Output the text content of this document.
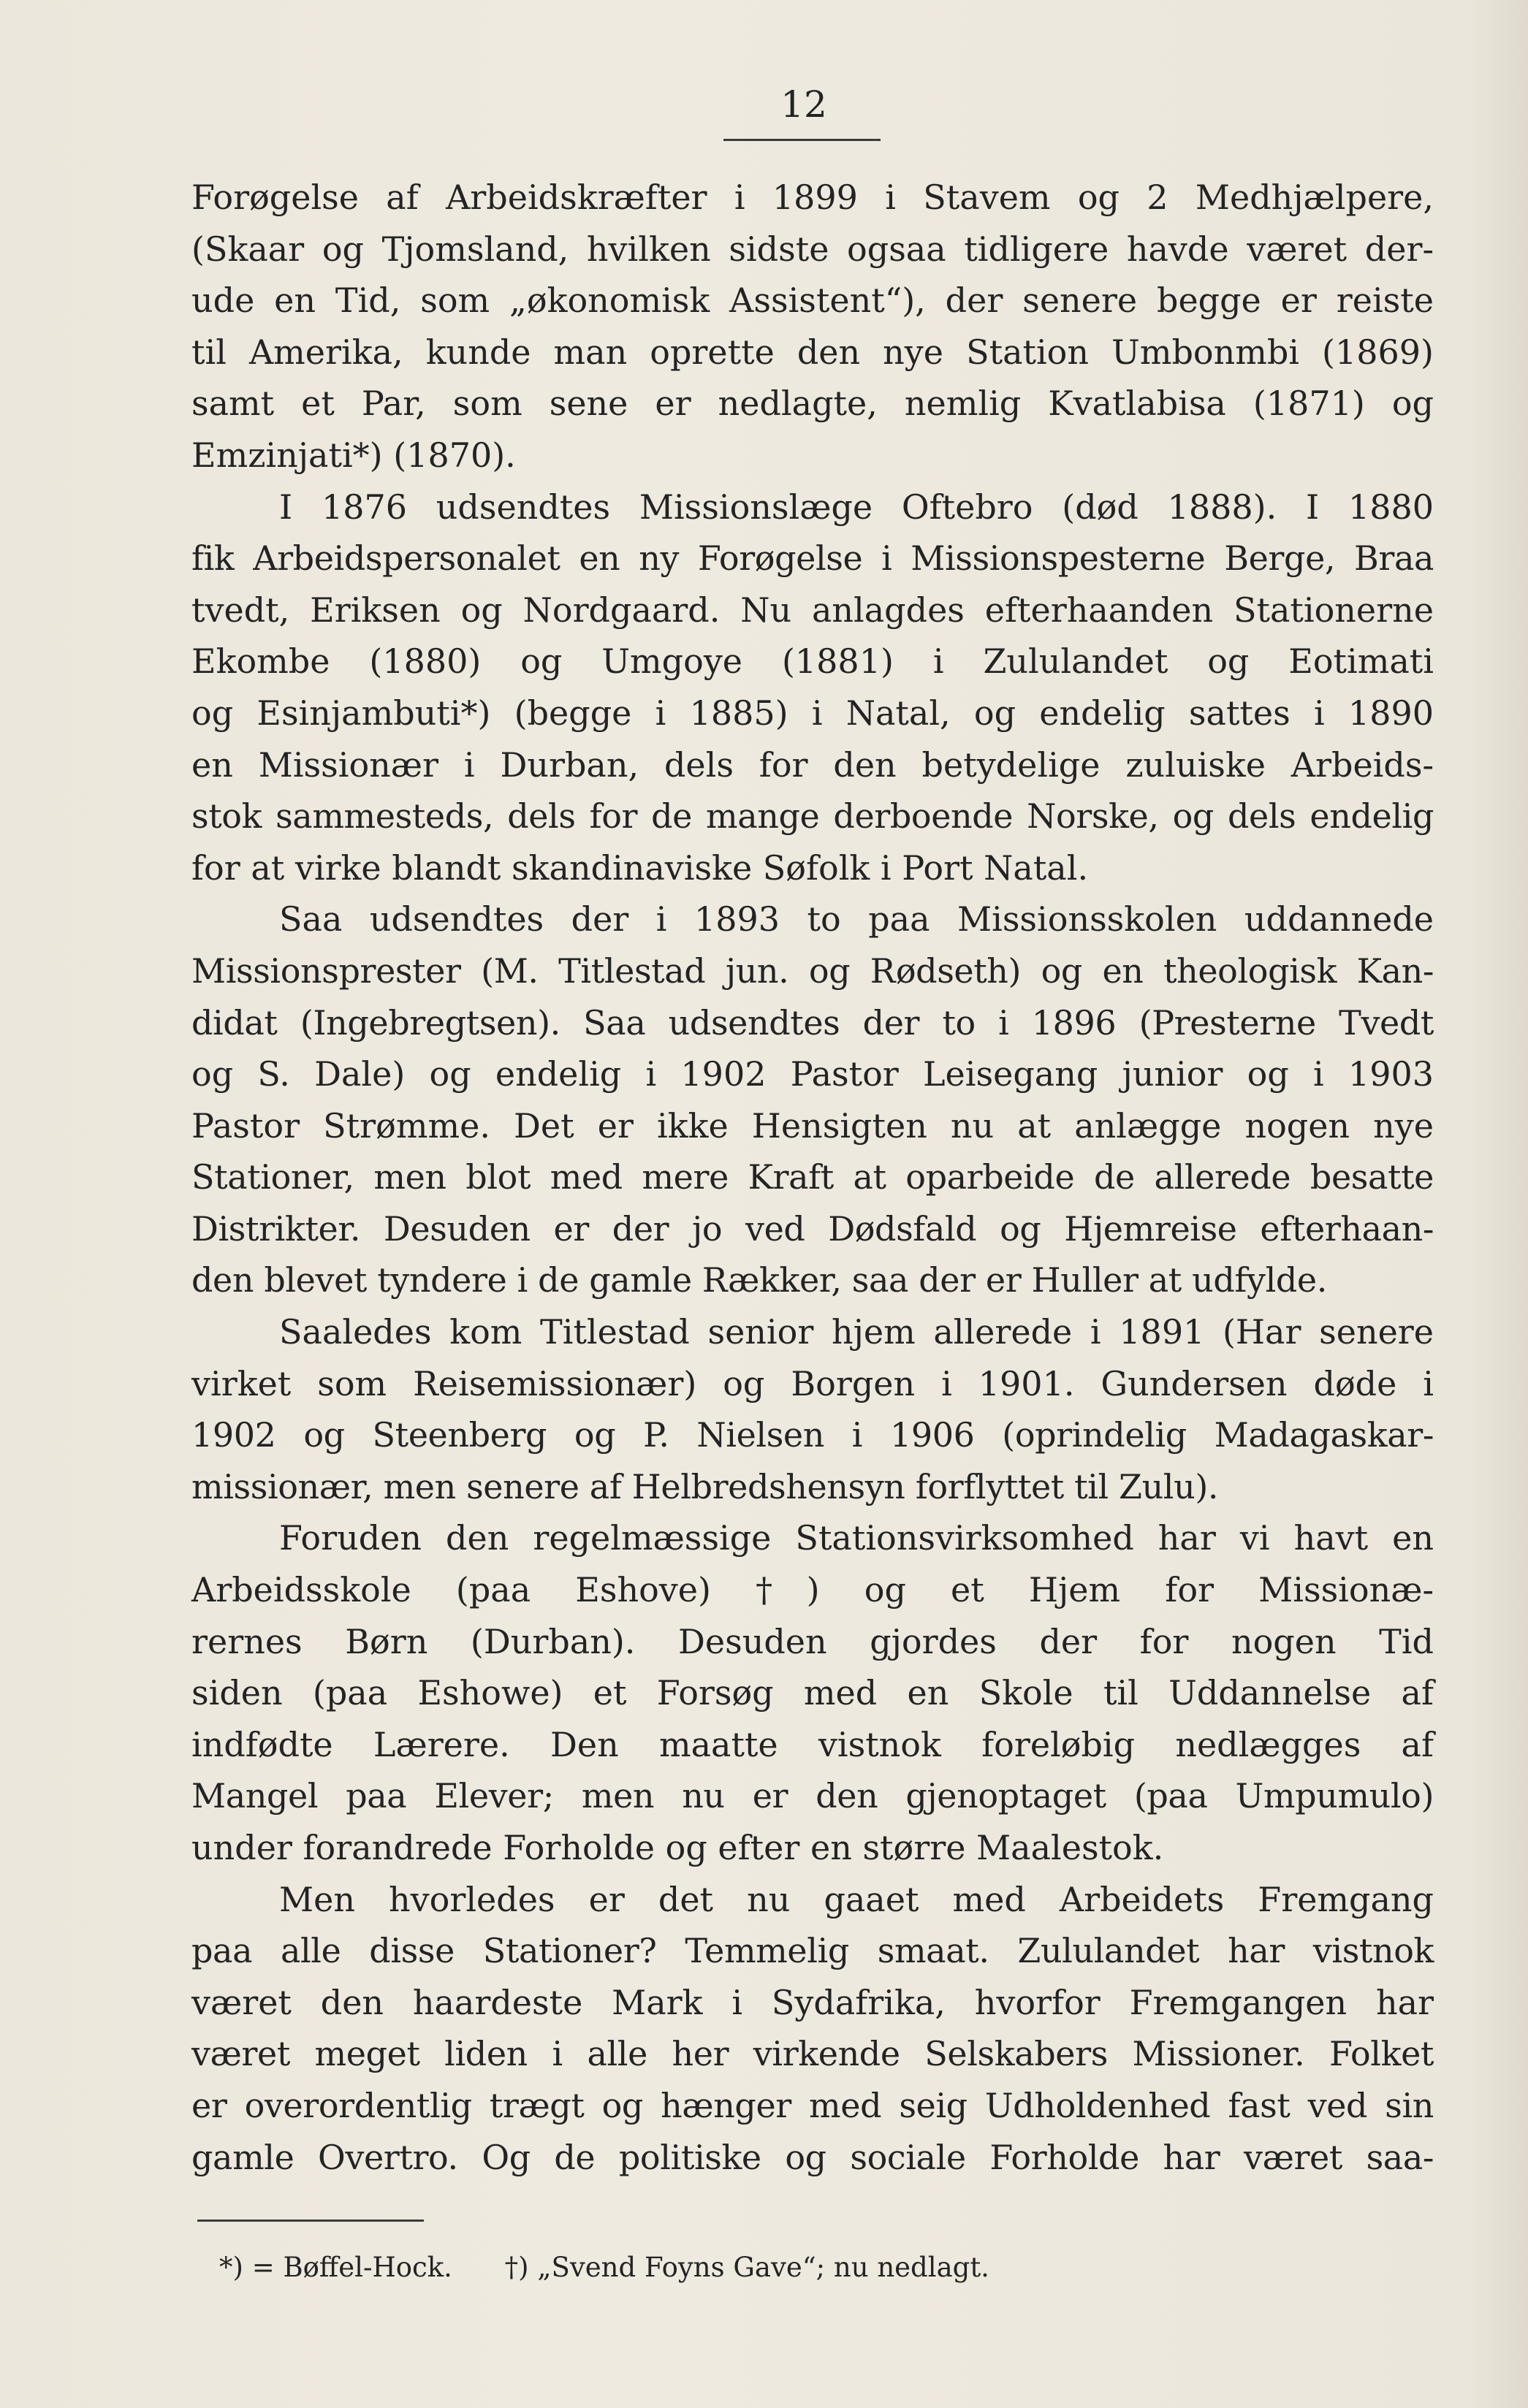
12

Forøgelse af Arbeidskræfter i 1899 i Stavem og 2 Medhjælpere,

(Skaar og Tjomsland, hvilken sidste ogsaa tidligere havde været der-

ude en Tid, som „økonomisk Assistent“), der senere begge er reiste

til Amerika, kunde man oprette den nye Station Umbonmbi (1869)

samt et Par, som sene er nedlagte, nemlig Kvatlabisa (1871) og

Emzinjati*) (1870).

I 1876 udsendtes Missionslæge Oftebro (død 1888). I 1880

fik Arbeidspersonalet en ny Forøgelse i Missionspesterne Berge, Braa

tvedt, Eriksen og Nordgaard. Nu anlagdes efterhaanden Stationerne

Ekombe (1880) og Umgoye (1881) i Zululandet og Eotimati

og Esinjambuti*) (begge i 1885) i Natal, og endelig sattes i 1890

en Missionær i Durban, dels for den betydelige zuluiske Arbeids-

stok sammesteds, dels for de mange derboende Norske, og dels endelig

for at virke blandt skandinaviske Søfolk i Port Natal.

Saa udsendtes der i 1893 to paa Missionsskolen uddannede

Missionsprester (M. Titlestad jun. og Rødseth) og en theologisk Kan-

didat (Ingebregtsen). Saa udsendtes der to i 1896 (Presterne Tvedt

og S. Dale) og endelig i 1902 Pastor Leisegang junior og i 1903

Pastor Strømme. Det er ikke Hensigten nu at anlægge nogen nye

Stationer, men blot med mere Kraft at oparbeide de allerede besatte

Distrikter. Desuden er der jo ved Dødsfald og Hjemreise efterhaan-

den blevet tyndere i de gamle Rækker, saa der er Huller at udfylde.

Saaledes kom Titlestad senior hjem allerede i 1891 (Har senere

virket som Reisemissionær) og Borgen i 1901. Gundersen døde i

1902 og Steenberg og P. Nielsen i 1906 (oprindelig Madagaskar-

missionær, men senere af Helbredshensyn forflyttet til Zulu).

Foruden den regelmæssige Stationsvirksomhed har vi havt en

Arbeidsskole (paa Eshove) †) og et Hjem for Missionæ-

rernes Børn (Durban). Desuden gjordes der for nogen Tid

siden (paa Eshowe) et Forsøg med en Skole til Uddannelse af

indfødte Lærere. Den maatte vistnok foreløbig nedlægges af

Mangel paa Elever; men nu er den gjenoptaget (paa Umpumulo)

under forandrede Forholde og efter en større Maalestok.

Men hvorledes er det nu gaaet med Arbeidets Fremgang

paa alle disse Stationer? Temmelig smaat. Zululandet har vistnok

været den haardeste Mark i Sydafrika, hvorfor Fremgangen har

været meget liden i alle her virkende Selskabers Missioner. Folket

er overordentlig trægt og hænger med seig Udholdenhed fast ved sin

gamle Overtro. Og de politiske og sociale Forholde har været saa-

*) = Bøffel-Hock. †) „Svend Foyns Gave“; nu nedlagt.
